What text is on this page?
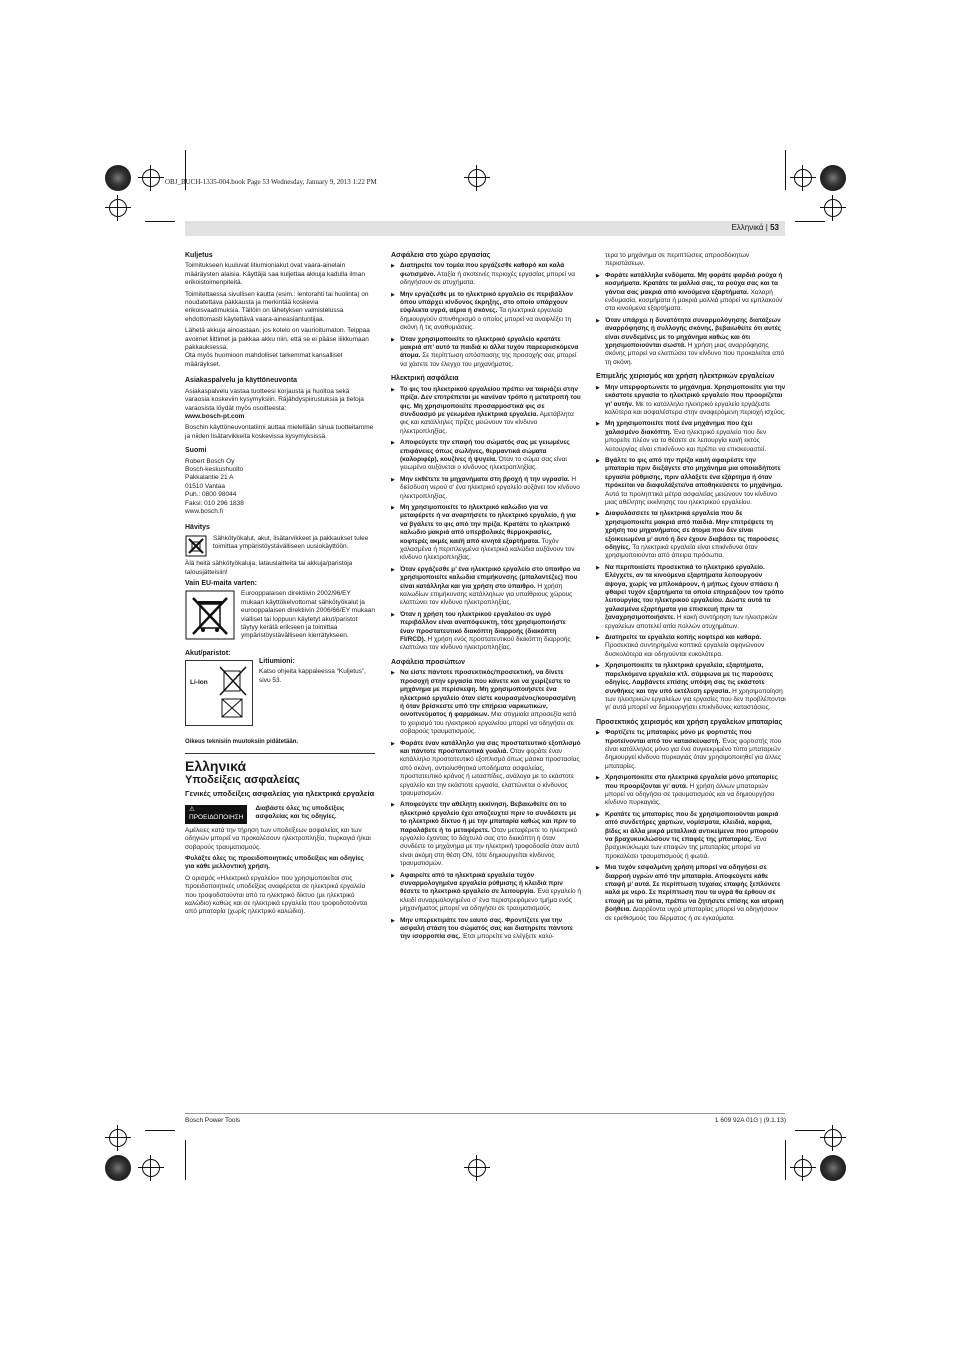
OBJ_BUCH-1335-004.book Page 53 Wednesday, January 9, 2013 1:22 PM
Ελληνικά | 53
Kuljetus

Toimitukseen kuuluvat litiumioniakut ovat vaara-ainelain määräysten alaisia. Käyttäjä saa kuljettaa akkuja kadulla ilman erikoistoimenpiteitä.

Toimitettaessa sivullisen kautta (esim.: lentorahti tai huolinta) on noudatettava pakkausta ja merkintää koskevia erikoisvaatimuksia. Tällöin on lähetyksen valmistelussa ehdottomasti käytettävä vaara-aineasiantuntijaa.

Lähetä akkuja ainoastaan, jos kotelo on vaurioitumaton. Teippaa avoimet liittimet ja pakkaa akku niin, että se ei pääse liikkumaan pakkauksessa.

Ota myös huomioon mahdolliset tarkemmat kansalliset määräykset.

Asiakaspalvelu ja käyttöneuvonta

Asiakaspalvelu vastaa tuotteesi korjausta ja huoltoa sekä varaosia koskeviin kysymyksiin. Räjähdyspiirustuksia ja tietoja varaosista löydät myös osoitteesta:

www.bosch-pt.com

Boschin käyttöneuvontatiimi auttaa mielellään sinua tuotteitamme ja niiden lisätarvikkeita koskevissa kysymyksissä.

Suomi
Robert Bosch Oy
Bosch-keskushuolto
Pakkalantie 21 A
01510 Vantaa
Puh.: 0800 98044
Faksi: 010 296 1838
www.bosch.fi
Hävitys

Sähkötyökalut, akut, lisätarvikkeet ja pakkaukset tulee toimittaa ympäristöystävälliseen uusiokäyttöön.

Älä heitä sähkötyökaluja, latauslaitteita tai akkuja/paristoja talousjätteisiin!

Vain EU-maita varten:

Eurooppalaisen direktiivin 2002/96/EY mukaan käyttökelvottomat sähkötyökalut ja eurooppalaisen direktiivin 2006/66/EY mukaan vialliset tai loppuun käytetyt akut/paristot täytyy kerätä erikseen ja toimittaa ympäristöystävälliseen kierrätykseen.

Akut/paristot:
Li-Ion
Litiumioni:

Katso ohjeita kappaleessa “Kuljetus”, sivu 53.

Oikeus teknisiin muutoksiin pidätetään.

Ελληνικά
Υποδείξεις ασφαλείας
Γενικές υποδείξεις ασφαλείας για ηλεκτρικά εργαλεία
⚠ ΠΡΟΕΙΔΟΠΟΙΗΣΗ
Διαβάστε όλες τις υποδείξεις ασφαλείας και τις οδηγίες.

Αμέλειες κατά την τήρηση των υποδείξεων ασφαλείας και των οδηγιών μπορεί να προκαλέσουν ηλεκτροπληξία, πυρκαγιά ή/και σοβαρούς τραυματισμούς.

Φυλάξτε όλες τις προειδοποιητικές υποδείξεις και οδηγίες για κάθε μελλοντική χρήση.

Ο ορισμός «Ηλεκτρικό εργαλείο» που χρησιμοποιείται στις προειδοποιητικές υποδείξεις αναφέρεται σε ηλεκτρικά εργαλεία που τροφοδοτούνται από το ηλεκτρικό δίκτυο (με ηλεκτρικό καλώδιο) καθώς και σε ηλεκτρικά εργαλεία που τροφοδοτούνται από μπαταρία (χωρίς ηλεκτρικό καλώδιο).

Ασφάλεια στο χώρο εργασίας
▶ Διατηρείτε τον τομέα που εργάζεσθε καθαρό και καλά φωτισμένο. Αταξία ή σκοτεινές περιοχές εργασίας μπορεί να οδηγήσουν σε ατυχήματα.
▶ Μην εργάζεσθε με το ηλεκτρικό εργαλείο σε περιβάλλον όπου υπάρχει κίνδυνος έκρηξης, στο οποίο υπάρχουν εύφλεκτα υγρά, αέρια ή σκόνες. Τα ηλεκτρικά εργαλεία δημιουργούν σπινθηρισμό ο οποίος μπορεί να αναφλέξει τη σκόνη ή τις αναθυμιάσεις.
▶ Όταν χρησιμοποιείτε το ηλεκτρικό εργαλείο κρατάτε μακριά απ’ αυτό τα παιδιά κι άλλα τυχόν παρευρισκόμενα άτομα. Σε περίπτωση απόσπασης της προσοχής σας μπορεί να χάσετε τον έλεγχο του μηχανήματος.
Ηλεκτρική ασφάλεια
▶ Το φις του ηλεκτρικού εργαλείου πρέπει να ταιριάζει στην πρίζα. Δεν επιτρέπεται με κανέναν τρόπο η μετατροπή του φις. Μη χρησιμοποιείτε προσαρμοστικά φις σε συνδυασμό με γειωμένα ηλεκτρικά εργαλεία. Αμετάβλητα φις και κατάλληλες πρίζες μειώνουν τον κίνδυνο ηλεκτροπληξίας.
▶ Αποφεύγετε την επαφή του σώματός σας με γειωμένες επιφάνειες όπως σωλήνες, θερμαντικά σώματα (καλοριφέρ), κουζίνες ή ψυγεία. Όταν το σώμα σας είναι γειωμένο αυξάνεται ο κίνδυνος ηλεκτροπληξίας.
▶ Μην εκθέτετε τα μηχανήματα στη βροχή ή την υγρασία. Η διείσδυση νερού σ’ ένα ηλεκτρικό εργαλείο αυξάνει τον κίνδυνο ηλεκτροπληξίας.
▶ Μη χρησιμοποιείτε το ηλεκτρικό καλώδιο για να μεταφέρετε ή να αναρτήσετε το ηλεκτρικό εργαλείο, ή για να βγάλετε το φις από την πρίζα. Κρατάτε το ηλεκτρικό καλώδιο μακριά από υπερβολικές θερμοκρασίες, κοφτερές ακμές και/ή από κινητά εξαρτήματα. Τυχόν χαλασμένα ή περιπλεγμένα ηλεκτρικά καλώδια αυξάνουν τον κίνδυνο ηλεκτροπληξίας.
▶ Όταν εργάζεσθε μ’ ένα ηλεκτρικό εργαλείο στο ύπαιθρο να χρησιμοποιείτε καλώδια επιμήκυνσης (μπαλαντέζες) που είναι κατάλληλα και για χρήση στο ύπαιθρο. Η χρήση καλωδίων επιμήκυνσης κατάλληλων για υπαίθριους χώρους ελαττώνει τον κίνδυνο ηλεκτροπληξίας.
▶ Όταν η χρήση του ηλεκτρικού εργαλείου σε υγρό περιβάλλον είναι αναπόφευκτη, τότε χρησιμοποιήστε έναν προστατευτικό διακόπτη διαρροής (διακόπτη FI/RCD). Η χρήση ενός προστατευτικού διακόπτη διαρροής ελαττώνει τον κίνδυνο ηλεκτροπληξίας.
Ασφάλεια προσώπων
▶ Να είστε πάντοτε προσεκτικός/προσεκτική, να δίνετε προσοχή στην εργασία που κάνετε και να χειρίζεστε το μηχάνημα με περίσκεψη. Μη χρησιμοποιήσετε ένα ηλεκτρικό εργαλείο όταν είστε κουρασμένος/κουρασμένη ή όταν βρίσκεστε υπό την επήρεια ναρκωτικών, οινοπνεύματος ή φαρμάκων. Μια στιγμιαία απροσεξία κατά το χειρισμό του ηλεκτρικού εργαλείου μπορεί να οδηγήσει σε σοβαρούς τραυματισμούς.
▶ Φοράτε έναν κατάλληλο για σας προστατευτικό εξοπλισμό και πάντοτε προστατευτικά γυαλιά. Όταν φοράτε έναν κατάλληλο προστατευτικό εξοπλισμό όπως μάσκα προστασίας από σκόνη, αντιολισθητικά υποδήματα ασφαλείας, προστατευτικό κράνος ή ωτασπίδες, ανάλογα με το εκάστοτε εργαλείο και την εκάστοτε εργασία, ελαττώνεται ο κίνδυνος τραυματισμών.
▶ Αποφεύγετε την αθέλητη εκκίνηση. Βεβαιωθείτε ότι το ηλεκτρικό εργαλείο έχει αποζευχτεί πριν το συνδέσετε με το ηλεκτρικό δίκτυο ή με την μπαταρία καθώς και πριν το παραλάβετε ή το μεταφέρετε. Όταν μεταφέρετε το ηλεκτρικό εργαλείο έχοντας το δάχτυλό σας στο διακόπτη ή όταν συνδέετε το μηχάνημα με την ηλεκτρική τροφοδοσία όταν αυτό είναι ακόμη στη θέση ON, τότε δημιουργείται κίνδυνος τραυματισμών.
▶ Αφαιρείτε από τα ηλεκτρικά εργαλεία τυχόν συναρμολογημένα εργαλεία ρύθμισης ή κλειδιά πριν θέσετε το ηλεκτρικό εργαλείο σε λειτουργία. Ένα εργαλείο ή κλειδί συναρμολογημένο σ’ ένα περιστρεφόμενο τμήμα ενός μηχανήματος μπορεί να οδηγήσει σε τραυματισμούς.
▶ Μην υπερεκτιμάτε τον εαυτό σας. Φροντίζετε για την ασφαλή στάση του σώματός σας και διατηρείτε πάντοτε την ισορροπία σας. Έτσι μπορείτε να ελέγξετε καλύ-

τερα το μηχάνημα σε περιπτώσεις απροσδόκητων περιστάσεων.

▶ Φοράτε κατάλληλα ενδύματα. Μη φοράτε φαρδιά ρούχα ή κοσμήματα. Κρατάτε τα μαλλιά σας, τα ρούχα σας και τα γάντια σας μακριά από κινούμενα εξαρτήματα. Χαλαρή ενδυμασία, κοσμήματα ή μακριά μαλλιά μπορεί να εμπλακούν στα κινούμενα εξαρτήματα.
▶ Όταν υπάρχει η δυνατότητα συναρμολόγησης διατάξεων αναρρόφησης ή συλλογής σκόνης, βεβαιωθείτε ότι αυτές είναι συνδεμένες με το μηχάνημα καθώς και ότι χρησιμοποιούνται σωστά. Η χρήση μιας αναρρόφησης σκόνης μπορεί να ελαττώσει τον κίνδυνο που προκαλείται από τη σκόνη.
Επιμελής χειρισμός και χρήση ηλεκτρικών εργαλείων
▶ Μην υπερφορτώνετε το μηχάνημα. Χρησιμοποιείτε για την εκάστοτε εργασία το ηλεκτρικό εργαλείο που προορίζεται γι’ αυτήν. Με το κατάλληλο ηλεκτρικό εργαλείο εργάζεστε καλύτερα και ασφαλέστερα στην αναφερόμενη περιοχή ισχύος.
▶ Μη χρησιμοποιείτε ποτέ ένα μηχάνημα που έχει χαλασμένο διακόπτη. Ένα ηλεκτρικό εργαλείο που δεν μπορείτε πλέον να το θέσετε σε λειτουργία και/ή εκτός λειτουργίας είναι επικίνδυνο και πρέπει να επισκευαστεί.
▶ Βγάλτε το φις από την πρίζα και/ή αφαιρέστε την μπαταρία πριν διεξάγετε στο μηχάνημα μια οποιαδήποτε εργασία ρύθμισης, πριν αλλάξετε ένα εξάρτημα ή όταν πρόκειται να διαφυλάξετε/να αποθηκεύσετε το μηχάνημα. Αυτά τα προληπτικά μέτρα ασφαλείας μειώνουν τον κίνδυνο μιας αθέλητης εκκίνησης του ηλεκτρικού εργαλείου.
▶ Διαφυλάσσετε τα ηλεκτρικά εργαλεία που δε χρησιμοποιείτε μακριά από παιδιά. Μην επιτρέψετε τη χρήση του μηχανήματος σε άτομα που δεν είναι εξοικειωμένα μ’ αυτό ή δεν έχουν διαβάσει τις παρούσες οδηγίες. Τα ηλεκτρικά εργαλεία είναι επικίνδυνα όταν χρησιμοποιούνται από άπειρα πρόσωπα.
▶ Να περιποιείστε προσεκτικά το ηλεκτρικό εργαλείο. Ελέγχετε, αν τα κινούμενα εξαρτήματα λειτουργούν άψογα, χωρίς να μπλοκάρουν, ή μήπως έχουν σπάσει ή φθαρεί τυχόν εξαρτήματα τα οποία επηρεάζουν τον τρόπο λειτουργίας του ηλεκτρικού εργαλείου. Δώστε αυτά τα χαλασμένα εξαρτήματα για επισκευή πριν τα ξαναχρησιμοποιήσετε. Η κακή συντήρηση των ηλεκτρικών εργαλείων αποτελεί αιτία πολλών ατυχημάτων.
▶ Διατηρείτε τα εργαλεία κοπής κοφτερά και καθαρά. Προσεκτικά συντηρημένα κοπτικά εργαλεία σφηνώνουν δυσκολότερα και οδηγούνται ευκολότερα.
▶ Χρησιμοποιείτε τα ηλεκτρικά εργαλεία, εξαρτήματα, παρελκόμενα εργαλεία κτλ. σύμφωνα με τις παρούσες οδηγίες. Λαμβάνετε επίσης υπόψη σας τις εκάστοτε συνθήκες και την υπό εκτέλεση εργασία. Η χρησιμοποίηση των ηλεκτρικών εργαλείων για εργασίες που δεν προβλέπονται γι’ αυτά μπορεί να δημιουργήσει επικίνδυνες καταστάσεις.
Προσεκτικός χειρισμός και χρήση εργαλείων μπαταρίας
▶ Φορτίζετε τις μπαταρίες μόνο με φορτιστές που προτείνονται από τον κατασκευαστή. Ένας φορτιστής που είναι κατάλληλος μόνο για ένα συγκεκριμένο τύπο μπαταριών δημιουργεί κίνδυνο πυρκαγιάς όταν χρησιμοποιηθεί για άλλες μπαταρίες.
▶ Χρησιμοποιείτε στα ηλεκτρικά εργαλεία μόνο μπαταρίες που προορίζονται γι’ αυτά. Η χρήση άλλων μπαταριών μπορεί να οδηγήσει σε τραυματισμούς και να δημιουργήσει κίνδυνο πυρκαγιάς.
▶ Κρατάτε τις μπαταρίες που δε χρησιμοποιούνται μακριά από συνδετήρες χαρτιών, νομίσματα, κλειδιά, καρφιά, βίδες κι άλλα μικρά μεταλλικά αντικείμενα που μπορούν να βραχυκυκλώσουν τις επαφές της μπαταρίας. Ένα βραχυκύκλωμα των επαφών της μπαταρίας μπορεί να προκαλέσει τραυματισμούς ή φωτιά.
▶ Μια τυχόν εσφαλμένη χρήση μπορεί να οδηγήσει σε διαρροή υγρών από την μπαταρία. Αποφεύγετε κάθε επαφή μ’ αυτά. Σε περίπτωση τυχαίας επαφής ξεπλύνετε καλά με νερό. Σε περίπτωση που τα υγρά θα έρθουν σε επαφή με τα μάτια, πρέπει να ζητήσετε επίσης και ιατρική βοήθεια. Διαρρέοντα υγρά μπαταρίας μπορεί να οδηγήσουν σε ερεθισμούς του δέρματος ή σε εγκαύματα.
Bosch Power Tools	1 609 92A 01G | (9.1.13)
